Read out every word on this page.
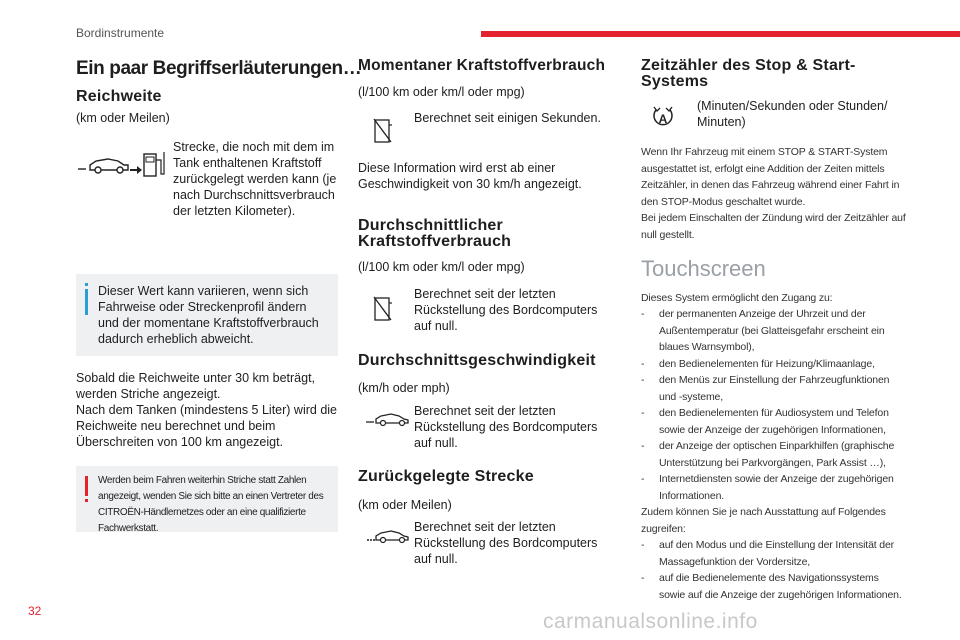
Bordinstrumente
Ein paar Begriffserläuterungen…
Reichweite
(km oder Meilen)
Strecke, die noch mit dem im Tank enthaltenen Kraftstoff zurückgelegt werden kann (je nach Durchschnittsverbrauch der letzten Kilometer).
Dieser Wert kann variieren, wenn sich Fahrweise oder Streckenprofil ändern und der momentane Kraftstoffverbrauch dadurch erheblich abweicht.
Sobald die Reichweite unter 30 km beträgt, werden Striche angezeigt.
Nach dem Tanken (mindestens 5 Liter) wird die Reichweite neu berechnet und beim Überschreiten von 100 km angezeigt.
Werden beim Fahren weiterhin Striche statt Zahlen angezeigt, wenden Sie sich bitte an einen Vertreter des CITROËN-Händlernetzes oder an eine qualifizierte Fachwerkstatt.
Momentaner Kraftstoffverbrauch
(l/100 km oder km/l oder mpg)
Berechnet seit einigen Sekunden.
Diese Information wird erst ab einer Geschwindigkeit von 30 km/h angezeigt.
Durchschnittlicher Kraftstoffverbrauch
(l/100 km oder km/l oder mpg)
Berechnet seit der letzten Rückstellung des Bordcomputers auf null.
Durchschnittsgeschwindigkeit
(km/h oder mph)
Berechnet seit der letzten Rückstellung des Bordcomputers auf null.
Zurückgelegte Strecke
(km oder Meilen)
Berechnet seit der letzten Rückstellung des Bordcomputers auf null.
Zeitzähler des Stop & Start-Systems
A
(Minuten/Sekunden oder Stunden/ Minuten)
Wenn Ihr Fahrzeug mit einem STOP & START-System ausgestattet ist, erfolgt eine Addition der Zeiten mittels Zeitzähler, in denen das Fahrzeug während einer Fahrt in den STOP-Modus geschaltet wurde.
Bei jedem Einschalten der Zündung wird der Zeitzähler auf null gestellt.
Touchscreen
Dieses System ermöglicht den Zugang zu:
- der permanenten Anzeige der Uhrzeit und der Außentemperatur (bei Glatteisgefahr erscheint ein blaues Warnsymbol),
- den Bedienelementen für Heizung/Klimaanlage,
- den Menüs zur Einstellung der Fahrzeugfunktionen und -systeme,
- den Bedienelementen für Audiosystem und Telefon sowie der Anzeige der zugehörigen Informationen,
- der Anzeige der optischen Einparkhilfen (graphische Unterstützung bei Parkvorgängen, Park Assist …),
- Internetdiensten sowie der Anzeige der zugehörigen Informationen.
Zudem können Sie je nach Ausstattung auf Folgendes zugreifen:
- auf den Modus und die Einstellung der Intensität der Massagefunktion der Vordersitze,
- auf die Bedienelemente des Navigationssystems sowie auf die Anzeige der zugehörigen Informationen.
32	carmanualsonline.info
